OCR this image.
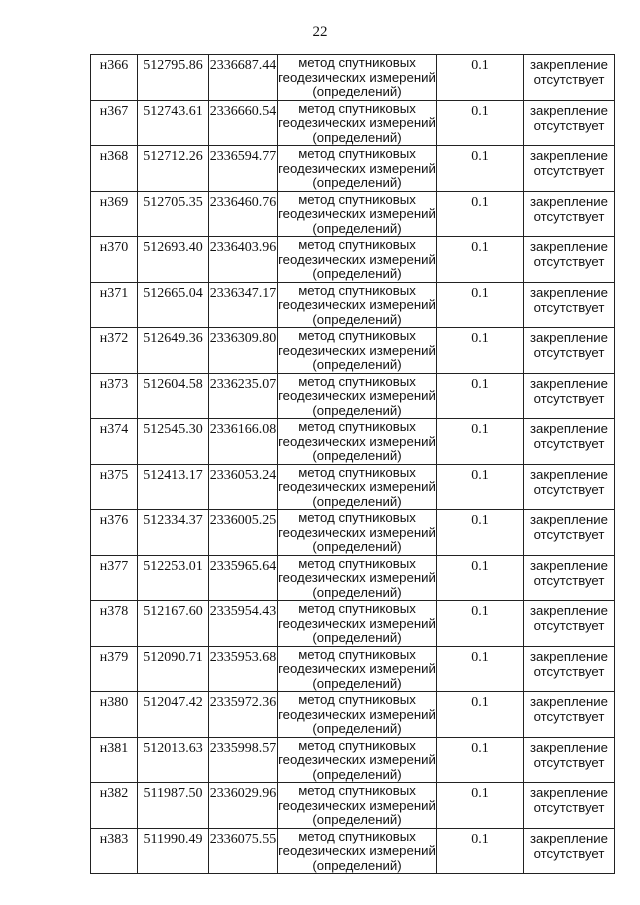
22
н366	512795.86	2336687.44	метод спутниковых геодезических измерений (определений)	0.1	закрепление отсутствует
н367	512743.61	2336660.54	метод спутниковых геодезических измерений (определений)	0.1	закрепление отсутствует
н368	512712.26	2336594.77	метод спутниковых геодезических измерений (определений)	0.1	закрепление отсутствует
н369	512705.35	2336460.76	метод спутниковых геодезических измерений (определений)	0.1	закрепление отсутствует
н370	512693.40	2336403.96	метод спутниковых геодезических измерений (определений)	0.1	закрепление отсутствует
н371	512665.04	2336347.17	метод спутниковых геодезических измерений (определений)	0.1	закрепление отсутствует
н372	512649.36	2336309.80	метод спутниковых геодезических измерений (определений)	0.1	закрепление отсутствует
н373	512604.58	2336235.07	метод спутниковых геодезических измерений (определений)	0.1	закрепление отсутствует
н374	512545.30	2336166.08	метод спутниковых геодезических измерений (определений)	0.1	закрепление отсутствует
н375	512413.17	2336053.24	метод спутниковых геодезических измерений (определений)	0.1	закрепление отсутствует
н376	512334.37	2336005.25	метод спутниковых геодезических измерений (определений)	0.1	закрепление отсутствует
н377	512253.01	2335965.64	метод спутниковых геодезических измерений (определений)	0.1	закрепление отсутствует
н378	512167.60	2335954.43	метод спутниковых геодезических измерений (определений)	0.1	закрепление отсутствует
н379	512090.71	2335953.68	метод спутниковых геодезических измерений (определений)	0.1	закрепление отсутствует
н380	512047.42	2335972.36	метод спутниковых геодезических измерений (определений)	0.1	закрепление отсутствует
н381	512013.63	2335998.57	метод спутниковых геодезических измерений (определений)	0.1	закрепление отсутствует
н382	511987.50	2336029.96	метод спутниковых геодезических измерений (определений)	0.1	закрепление отсутствует
н383	511990.49	2336075.55	метод спутниковых геодезических измерений (определений)	0.1	закрепление отсутствует
